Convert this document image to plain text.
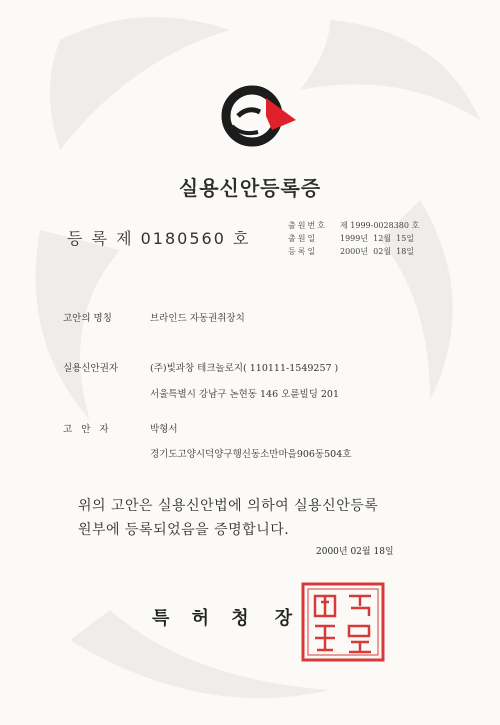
실용신안등록증
등 록 제 0180560 호
출원번호	제 1999-0028380 호
출원일	1999년  12월  15일
등록일	2000년  02월  18일
고안의 명칭	브라인드 자동권취장치
실용신안권자	(주)빛과창 테크놀로지( 110111-1549257 )
서울특별시 강남구 논현동 146 오륜빌딩 201
고 안 자	박형서
경기도고양시덕양구행신동소만마을906동504호
위의 고안은 실용신안법에 의하여 실용신안등록
원부에 등록되었음을 증명합니다.
2000년 02월 18일
특 허 청 장
